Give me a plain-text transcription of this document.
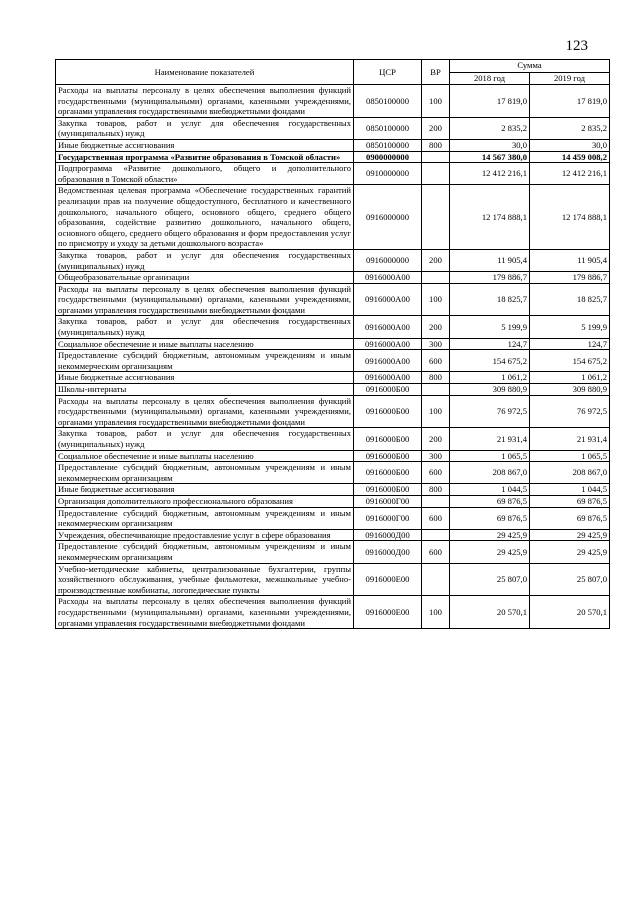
123
Наименование показателей	ЦСР	ВР	Сумма	
			2018 год	2019 год
Расходы на выплаты персоналу в целях обеспечения выполнения функций государственными (муниципальными) органами, казенными учреждениями, органами управления государственными внебюджетными фондами	0850100000	100	17 819,0	17 819,0
Закупка товаров, работ и услуг для обеспечения государственных (муниципальных) нужд	0850100000	200	2 835,2	2 835,2
Иные бюджетные ассигнования	0850100000	800	30,0	30,0
Государственная программа «Развитие образования в Томской области»	0900000000		14 567 380,0	14 459 008,2
Подпрограмма «Развитие дошкольного, общего и дополнительного образования в Томской области»	0910000000		12 412 216,1	12 412 216,1
Ведомственная целевая программа «Обеспечение государственных гарантий реализации прав на получение общедоступного, бесплатного и качественного дошкольного, начального общего, основного общего, среднего общего образования, содействие развитию дошкольного, начального общего, основного общего, среднего общего образования и форм предоставления услуг по присмотру и уходу за детьми дошкольного возраста»	0916000000		12 174 888,1	12 174 888,1
Закупка товаров, работ и услуг для обеспечения государственных (муниципальных) нужд	0916000000	200	11 905,4	11 905,4
Общеобразовательные организации	0916000А00		179 886,7	179 886,7
Расходы на выплаты персоналу в целях обеспечения выполнения функций государственными (муниципальными) органами, казенными учреждениями, органами управления государственными внебюджетными фондами	0916000А00	100	18 825,7	18 825,7
Закупка товаров, работ и услуг для обеспечения государственных (муниципальных) нужд	0916000А00	200	5 199,9	5 199,9
Социальное обеспечение и иные выплаты населению	0916000А00	300	124,7	124,7
Предоставление субсидий бюджетным, автономным учреждениям и иным некоммерческим организациям	0916000А00	600	154 675,2	154 675,2
Иные бюджетные ассигнования	0916000А00	800	1 061,2	1 061,2
Школы-интернаты	0916000Б00		309 880,9	309 880,9
Расходы на выплаты персоналу в целях обеспечения выполнения функций государственными (муниципальными) органами, казенными учреждениями, органами управления государственными внебюджетными фондами	0916000Б00	100	76 972,5	76 972,5
Закупка товаров, работ и услуг для обеспечения государственных (муниципальных) нужд	0916000Б00	200	21 931,4	21 931,4
Социальное обеспечение и иные выплаты населению	0916000Б00	300	1 065,5	1 065,5
Предоставление субсидий бюджетным, автономным учреждениям и иным некоммерческим организациям	0916000Б00	600	208 867,0	208 867,0
Иные бюджетные ассигнования	0916000Б00	800	1 044,5	1 044,5
Организация дополнительного профессионального образования	0916000Г00		69 876,5	69 876,5
Предоставление субсидий бюджетным, автономным учреждениям и иным некоммерческим организациям	0916000Г00	600	69 876,5	69 876,5
Учреждения, обеспечивающие предоставление услуг в сфере образования	0916000Д00		29 425,9	29 425,9
Предоставление субсидий бюджетным, автономным учреждениям и иным некоммерческим организациям	0916000Д00	600	29 425,9	29 425,9
Учебно-методические кабинеты, централизованные бухгалтерии, группы хозяйственного обслуживания, учебные фильмотеки, межшкольные учебно-производственные комбинаты, логопедические пункты	0916000Е00		25 807,0	25 807,0
Расходы на выплаты персоналу в целях обеспечения выполнения функций государственными (муниципальными) органами, казенными учреждениями, органами управления государственными внебюджетными фондами	0916000Е00	100	20 570,1	20 570,1
